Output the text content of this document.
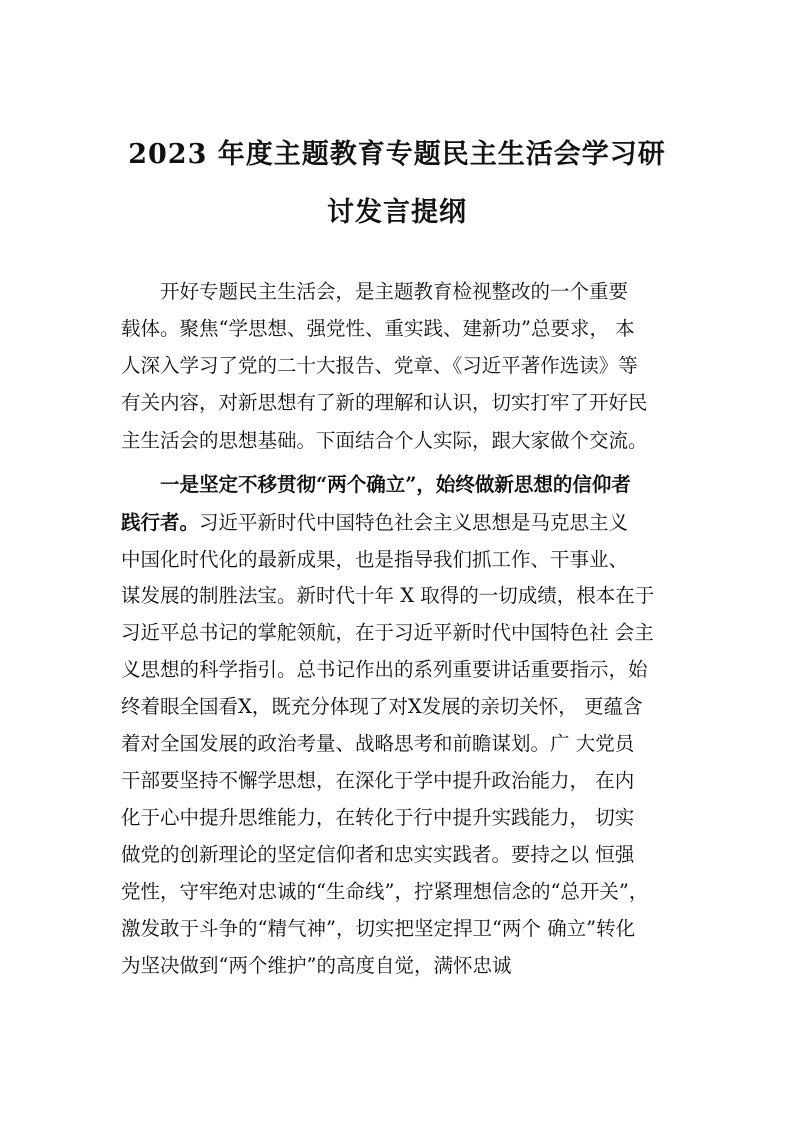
2023 年度主题教育专题民主生活会学习研
讨发言提纲
开好专题民主生活会，是主题教育检视整改的一个重要
载体。聚焦“学思想、强党性、重实践、建新功”总要求， 本
人深入学习了党的二十大报告、党章、《习近平著作选读》等
有关内容，对新思想有了新的理解和认识，切实打牢了开好民
主生活会的思想基础。下面结合个人实际，跟大家做个交流。
一是坚定不移贯彻“两个确立”，始终做新思想的信仰者
践行者。习近平新时代中国特色社会主义思想是马克思主义
中国化时代化的最新成果，也是指导我们抓工作、干事业、
谋发展的制胜法宝。新时代十年 X 取得的一切成绩，根本在于
习近平总书记的掌舵领航，在于习近平新时代中国特色社 会主
义思想的科学指引。总书记作出的系列重要讲话重要指示，始
终着眼全国看X，既充分体现了对X发展的亲切关怀， 更蕴含
着对全国发展的政治考量、战略思考和前瞻谋划。广 大党员
干部要坚持不懈学思想，在深化于学中提升政治能力， 在内
化于心中提升思维能力，在转化于行中提升实践能力， 切实
做党的创新理论的坚定信仰者和忠实实践者。要持之以 恒强
党性，守牢绝对忠诚的“生命线”，拧紧理想信念的“总开关”，
激发敢于斗争的“精气神”，切实把坚定捍卫“两个 确立”转化
为坚决做到“两个维护”的高度自觉，满怀忠诚
